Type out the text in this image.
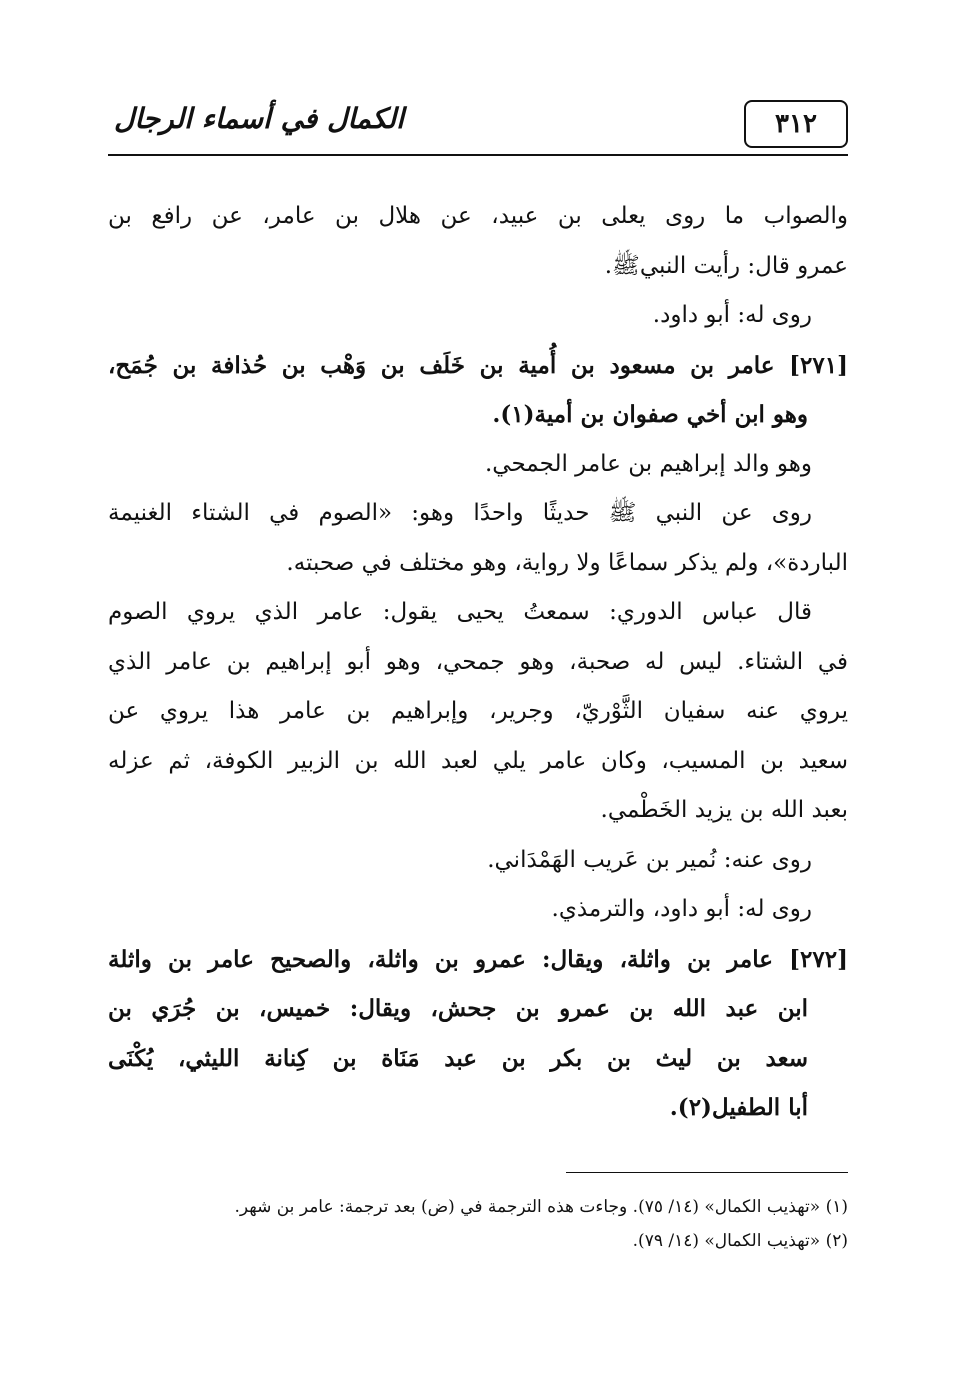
٣١٢
الكمال في أسماء الرجال
والصواب ما روى يعلى بن عبيد، عن هلال بن عامر، عن رافع بن
عمرو قال: رأيت النبيﷺ.
روى له: أبو داود.
[٢٧١] عامر بن مسعود بن أُمية بن خَلَف بن وَهْب بن حُذافة بن جُمَح،
وهو ابن أخي صفوان بن أمية(١).
وهو والد إبراهيم بن عامر الجمحي.
روى عن النبي ﷺ حديثًا واحدًا وهو: «الصوم في الشتاء الغنيمة
الباردة»، ولم يذكر سماعًا ولا رواية، وهو مختلف في صحبته.
قال عباس الدوري: سمعتُ يحيى يقول: عامر الذي يروي الصوم
في الشتاء. ليس له صحبة، وهو جمحي، وهو أبو إبراهيم بن عامر الذي
يروي عنه سفيان الثَّوْريّ، وجرير، وإبراهيم بن عامر هذا يروي عن
سعيد بن المسيب، وكان عامر يلي لعبد الله بن الزبير الكوفة، ثم عزله
بعبد الله بن يزيد الخَطْمي.
روى عنه: نُمير بن عَريب الهَمْدَاني.
روى له: أبو داود، والترمذي.
[٢٧٢] عامر بن واثلة، ويقال: عمرو بن واثلة، والصحيح عامر بن واثلة
ابن عبد الله بن عمرو بن جحش، ويقال: خميس، بن جُرَي بن
سعد بن ليث بن بكر بن عبد مَنَاة بن كِنانة الليثي، يُكْنَى
أبا الطفيل(٢).
(١) «تهذيب الكمال» (١٤/ ٧٥). وجاءت هذه الترجمة في (ض) بعد ترجمة: عامر بن شهر.
(٢) «تهذيب الكمال» (١٤/ ٧٩).
